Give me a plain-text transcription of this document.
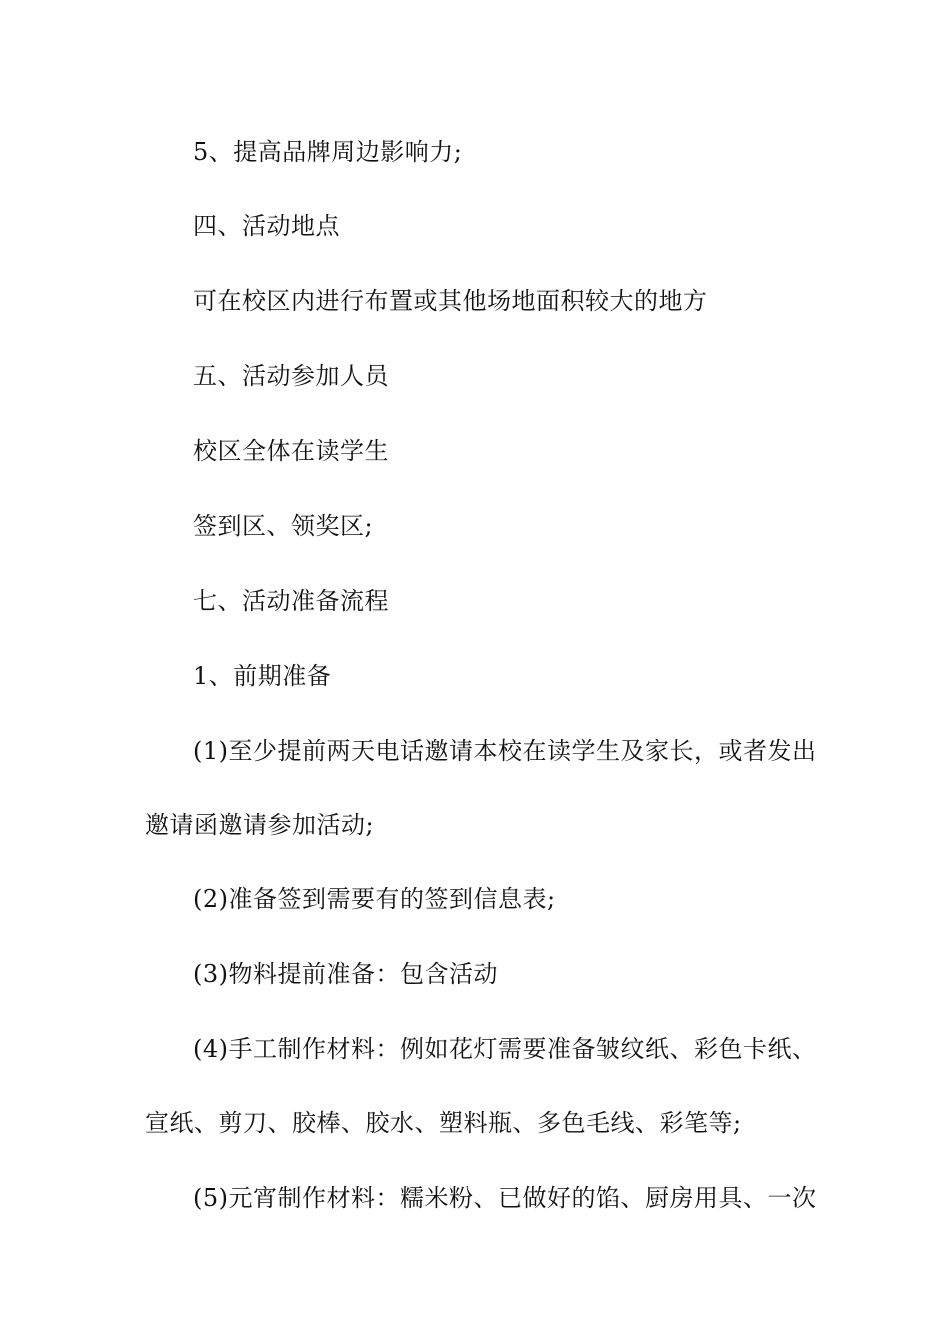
5、提高品牌周边影响力;
四、活动地点
可在校区内进行布置或其他场地面积较大的地方
五、活动参加人员
校区全体在读学生
签到区、领奖区;
七、活动准备流程
1、前期准备
(1)至少提前两天电话邀请本校在读学生及家长，或者发出
邀请函邀请参加活动;
(2)准备签到需要有的签到信息表;
(3)物料提前准备：包含活动
(4)手工制作材料：例如花灯需要准备皱纹纸、彩色卡纸、
宣纸、剪刀、胶棒、胶水、塑料瓶、多色毛线、彩笔等;
(5)元宵制作材料：糯米粉、已做好的馅、厨房用具、一次
